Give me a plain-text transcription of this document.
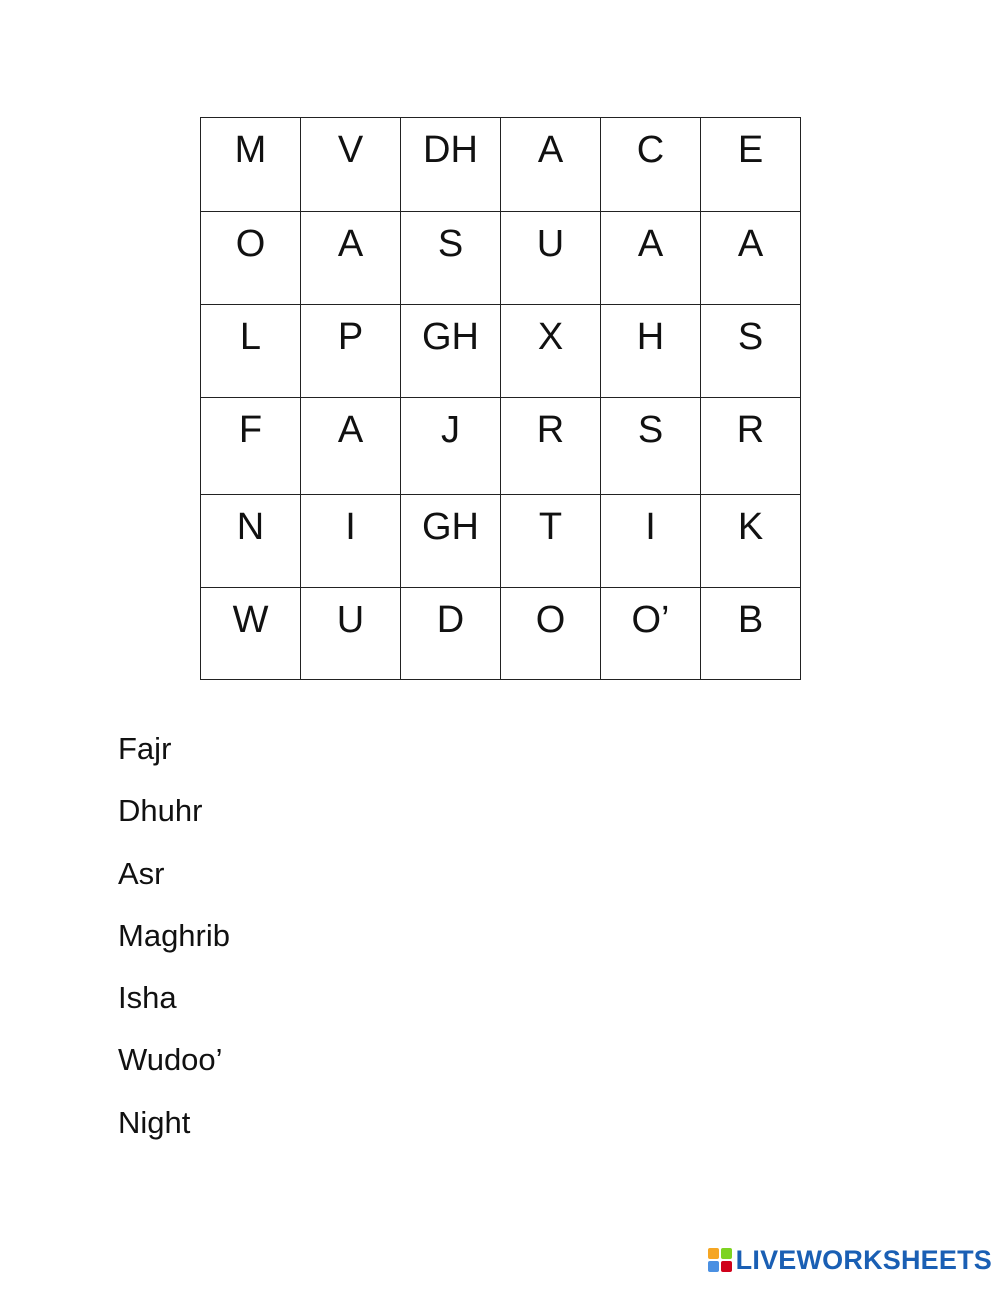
M	V	DH	A	C	E

O	A	S	U	A	A

L	P	GH	X	H	S

F	A	J	R	S	R

N	I	GH	T	I	K

W	U	D	O	O’	B
Fajr
Dhuhr
Asr
Maghrib
Isha
Wudoo’
Night
LIVEWORKSHEETS
